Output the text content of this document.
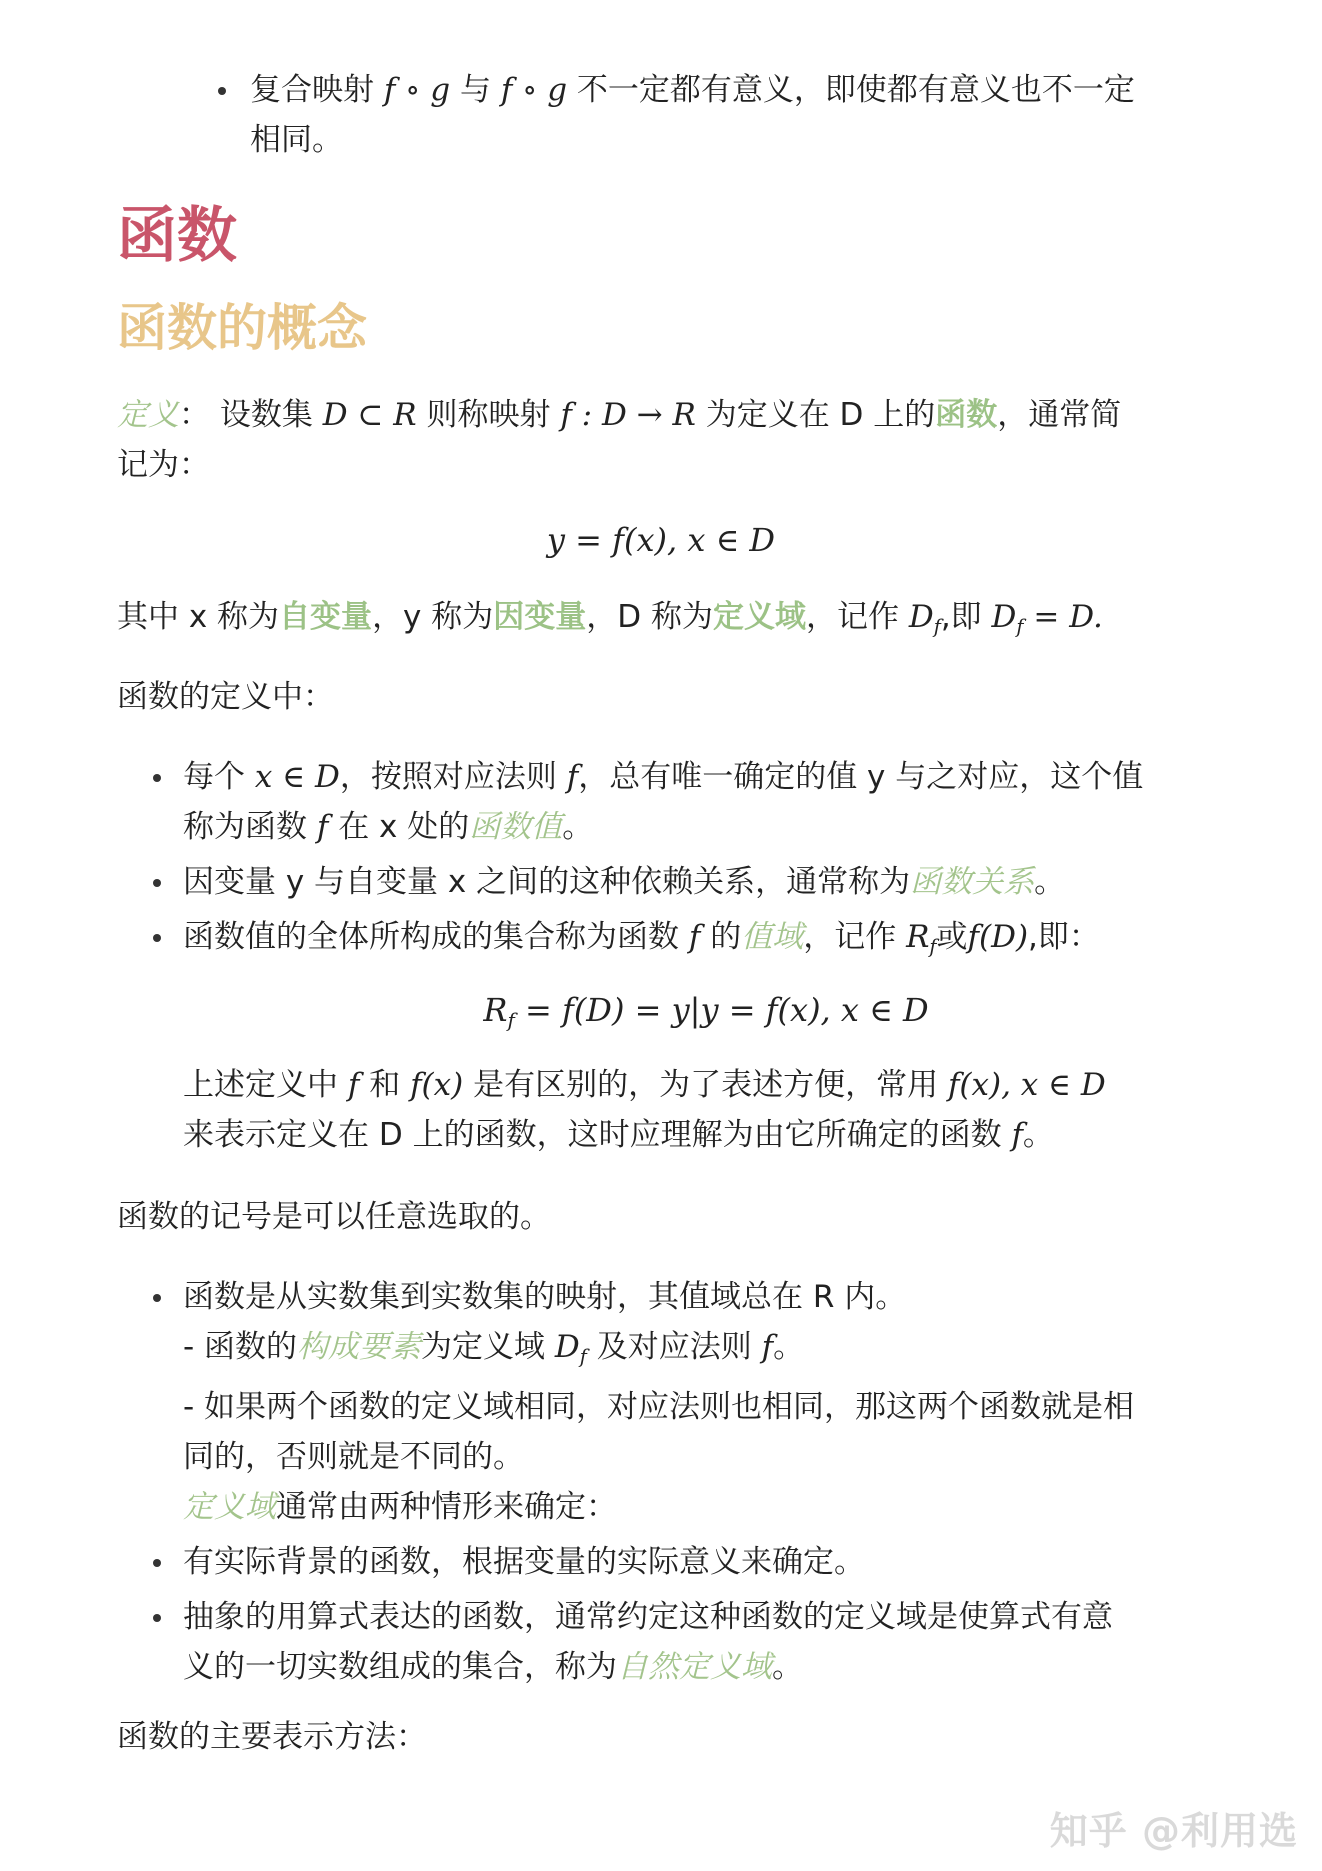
复合映射 f ∘ g 与 f ∘ g 不一定都有意义，即使都有意义也不一定
相同。
函数
函数的概念
定义： 设数集 D ⊂ R 则称映射 f : D → R 为定义在 D 上的函数，通常简
记为：
y = f(x), x ∈ D
其中 x 称为自变量，y 称为因变量，D 称为定义域，记作 $D_f$,即 $D_f = D$.
函数的定义中：
每个 x ∈ D，按照对应法则 f，总有唯一确定的值 y 与之对应，这个值
称为函数 f 在 x 处的函数值。
因变量 y 与自变量 x 之间的这种依赖关系，通常称为函数关系。
函数值的全体所构成的集合称为函数 f 的值域，记作 $R_f$或f(D),即：
$R_f = f(D) = y|y = f(x)$, x ∈ D
上述定义中 f 和 f(x) 是有区别的，为了表述方便，常用 f(x), x ∈ D
来表示定义在 D 上的函数，这时应理解为由它所确定的函数 f。
函数的记号是可以任意选取的。
函数是从实数集到实数集的映射，其值域总在 R 内。
- 函数的构成要素为定义域 $D_f$ 及对应法则 f。
- 如果两个函数的定义域相同，对应法则也相同，那这两个函数就是相
同的，否则就是不同的。
定义域通常由两种情形来确定：
有实际背景的函数，根据变量的实际意义来确定。
抽象的用算式表达的函数，通常约定这种函数的定义域是使算式有意
义的一切实数组成的集合，称为自然定义域。
函数的主要表示方法：
知乎 @利用选
